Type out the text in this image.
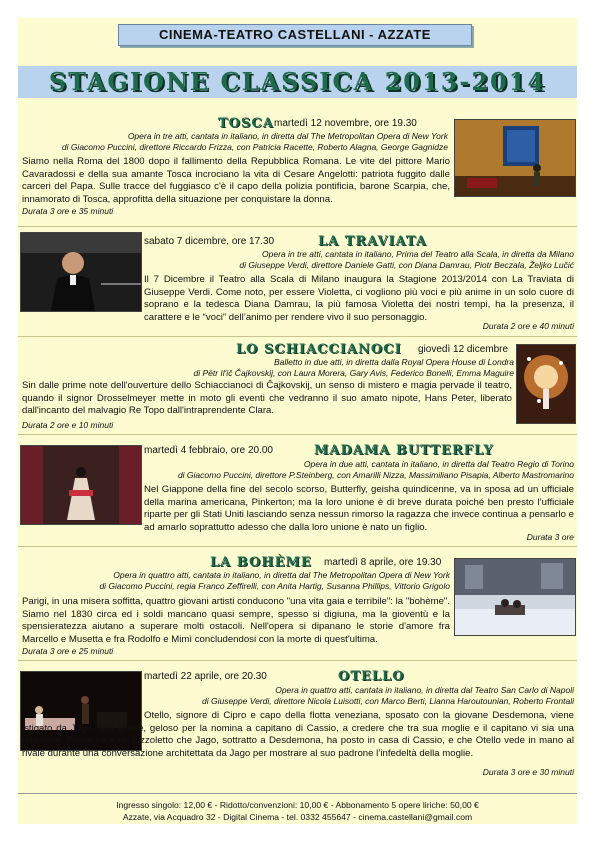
CINEMA-TEATRO CASTELLANI - AZZATE
STAGIONE CLASSICA 2013-2014
TOSCA martedì 12 novembre, ore 19.30
Opera in tre atti, cantata in italiano, in diretta dal The Metropolitan Opera di New York
di Giacomo Puccini, direttore Riccardo Frizza, con Patricia Racette, Roberto Alagna, George Gagnidze
Siamo nella Roma del 1800 dopo il fallimento della Repubblica Romana. Le vite del pittore Mario Cavaradossi e della sua amante Tosca incrociano la vita di Cesare Angelotti: patriota fuggito dalle carceri del Papa. Sulle tracce del fuggiasco c'è il capo della polizia pontificia, barone Scarpia, che, innamorato di Tosca, approfitta della situazione per conquistare la donna.
Durata 3 ore e 35 minuti
sabato 7 dicembre, ore 17.30	LA TRAVIATA
Opera in tre atti, cantata in italiano, Prima del Teatro alla Scala, in diretta da Milano
di Giuseppe Verdi, direttore Daniele Gatti, con Diana Damrau, Piotr Beczala, Željko Lučić
Il 7 Dicembre il Teatro alla Scala di Milano inaugura la Stagione 2013/2014 con La Traviata di Giuseppe Verdi. Come noto, per essere Violetta, ci vogliono più voci e più anime in un solo cuore di soprano e la tedesca Diana Damrau, la più famosa Violetta dei nostri tempi, ha la presenza, il carattere e le “voci” dell’animo per rendere vivo il suo personaggio.
Durata 2 ore e 40 minuti
LO SCHIACCIANOCI giovedì 12 dicembre
Balletto in due atti, in diretta dalla Royal Opera House di Londra
di Pëtr Il'ič Čajkovskij, con Laura Morera, Gary Avis, Federico Bonelli, Emma Maguire
Sin dalle prime note dell'ouverture dello Schiaccianoci di Čajkovskij, un senso di mistero e magia pervade il teatro, quando il signor Drosselmeyer mette in moto gli eventi che vedranno il suo amato nipote, Hans Peter, liberato dall'incanto del malvagio Re Topo dall'intraprendente Clara.
Durata 2 ore e 10 minuti
martedì 4 febbraio, ore 20.00	MADAMA BUTTERFLY
Opera in due atti, cantata in italiano, in diretta dal Teatro Regio di Torino
di Giacomo Puccini, direttore P.Steinberg, con Amarilli Nizza, Massimiliano Pisapia, Alberto Mastromarino
Nel Giappone della fine del secolo scorso, Butterfly, geisha quindicenne, va in sposa ad un ufficiale della marina americana, Pinkerton; ma la loro unione è di breve durata poiché ben presto l’ufficiale riparte per gli Stati Uniti lasciando senza nessun rimorso la ragazza che invece continua a pensarlo e ad amarlo soprattutto adesso che dalla loro unione è nato un figlio.
Durata 3 ore
LA BOHÈME martedì 8 aprile, ore 19.30
Opera in quattro atti, cantata in italiano, in diretta dal The Metropolitan Opera di New York
di Giacomo Puccini, regia Franco Zeffirelli, con Anita Hartig, Susanna Phillips, Vittorio Grigolo
Parigi, in una misera soffitta, quattro giovani artisti conducono "una vita gaia e terribile": la "bohème". Siamo nel 1830 circa ed i soldi mancano quasi sempre, spesso si digiuna, ma la gioventù e la spensieratezza aiutano a superare molti ostacoli. Nell'opera si dipanano le storie d'amore fra Marcello e Musetta e fra Rodolfo e Mimì concludendosi con la morte di quest'ultima.
Durata 3 ore e 25 minuti
martedì 22 aprile, ore 20.30	OTELLO
Opera in quattro atti, cantata in italiano, in diretta dal Teatro San Carlo di Napoli
di Giuseppe Verdi, direttore Nicola Luisotti, con Marco Berti, Lianna Haroutounian, Roberto Frontali
Otello, signore di Cipro e capo della flotta veneziana, sposato con la giovane Desdemona, viene istigato da Jago, suo alfiere, geloso per la nomina a capitano di Cassio, a credere che tra sua moglie e il capitano vi sia una relazione. Prova ne è un fazzoletto che Jago, sottratto a Desdemona, ha posto in casa di Cassio, e che Otello vede in mano al rivale durante una conversazione architettata da Jago per mostrare al suo padrone l’infedeltà della moglie.
Durata 3 ore e 30 minuti
Ingresso singolo: 12,00 € - Ridotto/convenzioni: 10,00 € - Abbonamento 5 opere liriche: 50,00 €
Azzate, via Acquadro 32 - Digital Cinema - tel. 0332 455647 - cinema.castellani@gmail.com
